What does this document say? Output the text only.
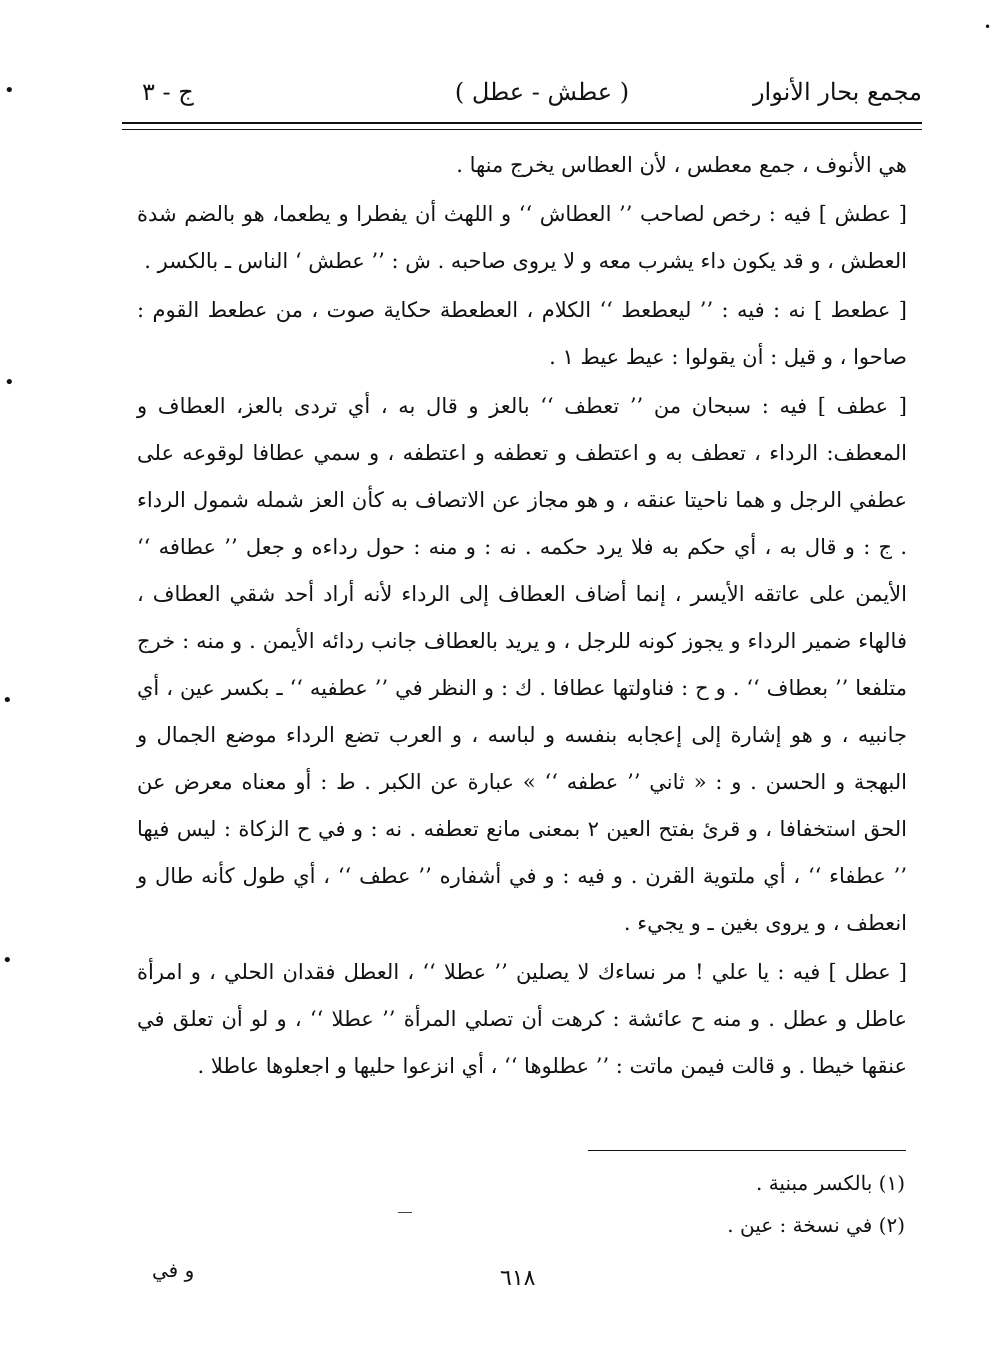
مجمع بحار الأنوار
( عطش - عطل )
ج - ٣

هي الأنوف ، جمع معطس ، لأن العطاس يخرج منها .

[ عطش ] فيه : رخص لصاحب ’’ العطاش ‘‘ و اللهث أن يفطرا و يطعما، هو بالضم شدة العطش ، و قد يكون داء يشرب معه و لا يروى صاحبه . ش : ’’ عطش ‘ الناس ـ بالكسر .

[ عطعط ] نه : فيه : ’’ ليعطعط ‘‘ الكلام ، العطعطة حكاية صوت ، من عطعط القوم : صاحوا ، و قيل : أن يقولوا : عيط عيط ١ .

[ عطف ] فيه : سبحان من ’’ تعطف ‘‘ بالعز و قال به ، أي تردى بالعز، العطاف و المعطف: الرداء ، تعطف به و اعتطف و تعطفه و اعتطفه ، و سمي عطافا لوقوعه على عطفي الرجل و هما ناحيتا عنقه ، و هو مجاز عن الاتصاف به كأن العز شمله شمول الرداء . ج : و قال به ، أي حكم به فلا يرد حكمه . نه : و منه : حول رداءه و جعل ’’ عطافه ‘‘ الأيمن على عاتقه الأيسر ، إنما أضاف العطاف إلى الرداء لأنه أراد أحد شقي العطاف ، فالهاء ضمير الرداء و يجوز كونه للرجل ، و يريد بالعطاف جانب ردائه الأيمن . و منه : خرج متلفعا ’’ بعطاف ‘‘ . و ح : فناولتها عطافا . ك : و النظر في ’’ عطفيه ‘‘ ـ بكسر عين ، أي جانبيه ، و هو إشارة إلى إعجابه بنفسه و لباسه ، و العرب تضع الرداء موضع الجمال و البهجة و الحسن . و : « ثاني ’’ عطفه ‘‘ » عبارة عن الكبر . ط : أو معناه معرض عن الحق استخفافا ، و قرئ بفتح العين ٢ بمعنى مانع تعطفه . نه : و في ح الزكاة : ليس فيها ’’ عطفاء ‘‘ ، أي ملتوية القرن . و فيه : و في أشفاره ’’ عطف ‘‘ ، أي طول كأنه طال و انعطف ، و يروى بغين ـ و يجيء .

[ عطل ] فيه : يا علي ! مر نساءك لا يصلين ’’ عطلا ‘‘ ، العطل فقدان الحلي ، و امرأة عاطل و عطل . و منه ح عائشة : كرهت أن تصلي المرأة ’’ عطلا ‘‘ ، و لو أن تعلق في عنقها خيطا . و قالت فيمن ماتت : ’’ عطلوها ‘‘ ، أي انزعوا حليها و اجعلوها عاطلا .

(١) بالكسر مبنية .

(٢) في نسخة : عين .

و في	٦١٨
•
•
•
•
•
